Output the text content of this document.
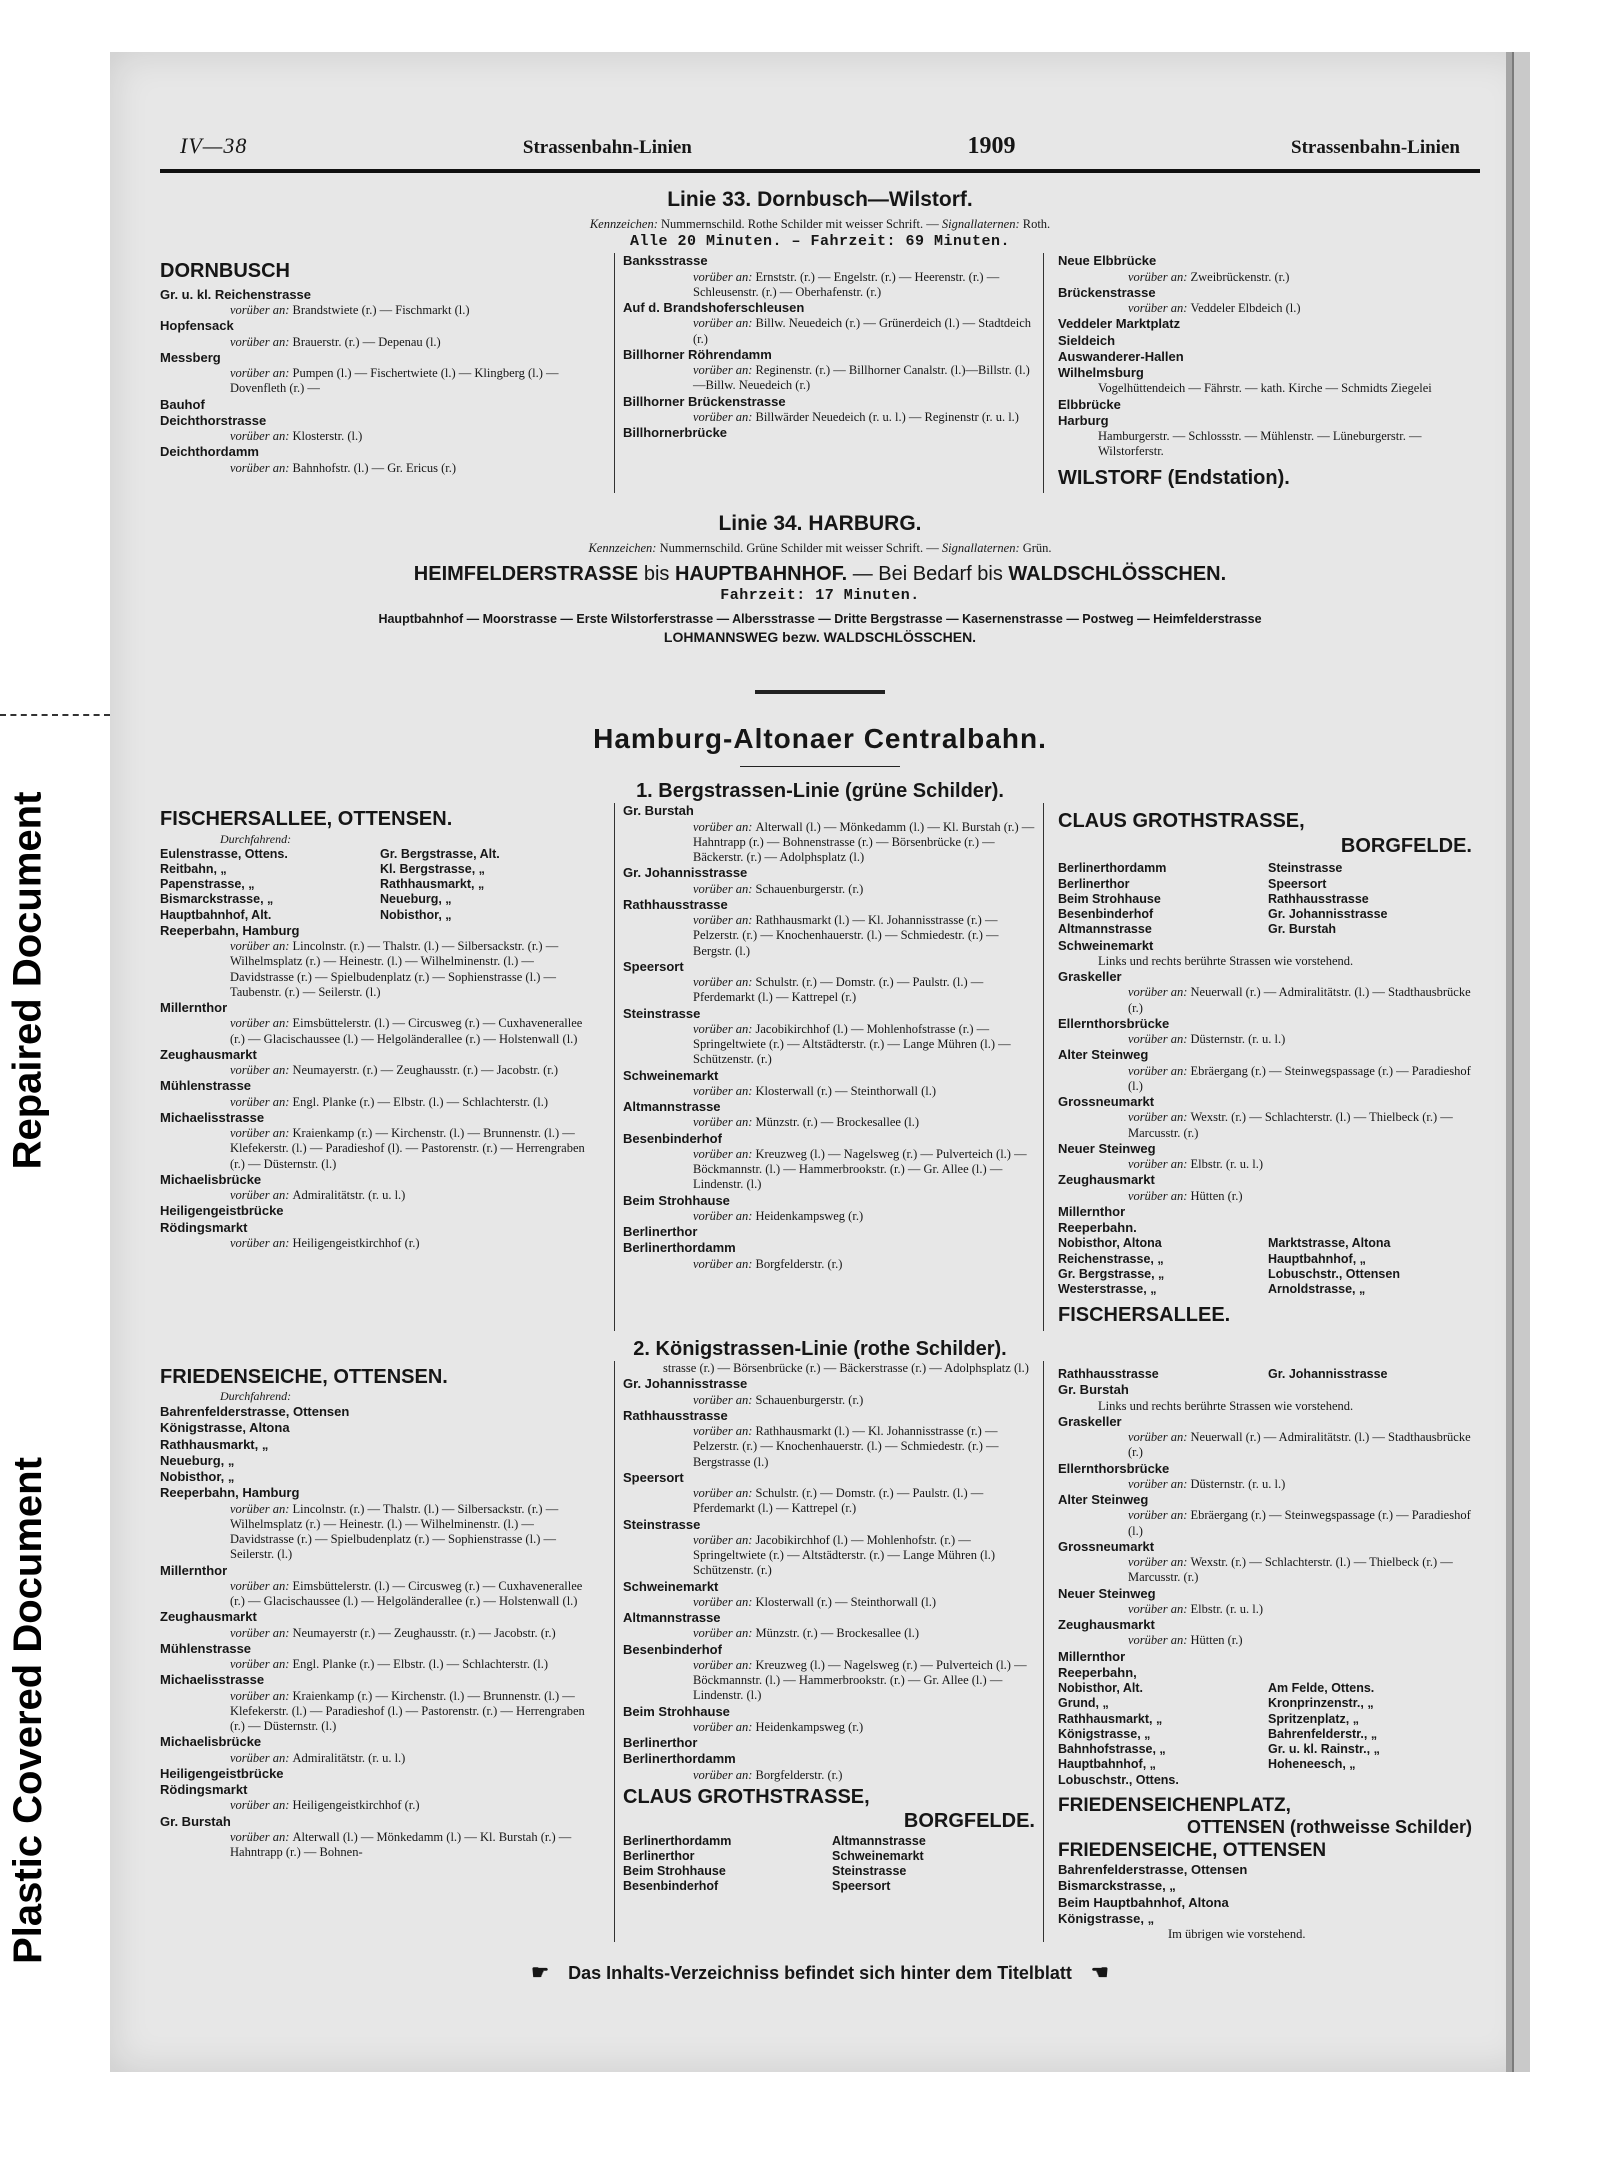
Repaired Document
Plastic Covered Document
IV—38	Strassenbahn-Linien	1909	Strassenbahn-Linien
Linie 33. Dornbusch—Wilstorf.
Kennzeichen: Nummernschild. Rothe Schilder mit weisser Schrift. — Signallaternen: Roth.
Alle 20 Minuten. – Fahrzeit: 69 Minuten.
DORNBUSCH
Gr. u. kl. Reichenstrasse
vorüber an: Brandstwiete (r.) — Fischmarkt (l.)
Hopfensack
vorüber an: Brauerstr. (r.) — Depenau (l.)
Messberg
vorüber an: Pumpen (l.) — Fischertwiete (l.) — Klingberg (l.) — Dovenfleth (r.) —
Bauhof
Deichthorstrasse
vorüber an: Klosterstr. (l.)
Deichthordamm
vorüber an: Bahnhofstr. (l.) — Gr. Ericus (r.)
Banksstrasse
vorüber an: Ernststr. (r.) — Engelstr. (r.) — Heerenstr. (r.) — Schleusenstr. (r.) — Oberhafenstr. (r.)
Auf d. Brandshoferschleusen
vorüber an: Billw. Neuedeich (r.) — Grünerdeich (l.) — Stadtdeich (r.)
Billhorner Röhrendamm
vorüber an: Reginenstr. (r.) — Billhorner Canalstr. (l.)—Billstr. (l.)—Billw. Neuedeich (r.)
Billhorner Brückenstrasse
vorüber an: Billwärder Neuedeich (r. u. l.) — Reginenstr (r. u. l.)
Billhornerbrücke
Neue Elbbrücke
vorüber an: Zweibrückenstr. (r.)
Brückenstrasse
vorüber an: Veddeler Elbdeich (l.)
Veddeler Marktplatz
Sieldeich
Auswanderer-Hallen
Wilhelmsburg
Vogelhüttendeich — Fährstr. — kath. Kirche — Schmidts Ziegelei
Elbbrücke
Harburg
Hamburgerstr. — Schlossstr. — Mühlenstr. — Lüneburgerstr. — Wilstorferstr.
WILSTORF (Endstation).
Linie 34. HARBURG.
Kennzeichen: Nummernschild. Grüne Schilder mit weisser Schrift. — Signallaternen: Grün.
HEIMFELDERSTRASSE bis HAUPTBAHNHOF. — Bei Bedarf bis WALDSCHLÖSSCHEN.
Fahrzeit: 17 Minuten.
Hauptbahnhof — Moorstrasse — Erste Wilstorferstrasse — Albersstrasse — Dritte Bergstrasse — Kasernenstrasse — Postweg — Heimfelderstrasse
LOHMANNSWEG bezw. WALDSCHLÖSSCHEN.
Hamburg-Altonaer Centralbahn.
1. Bergstrassen-Linie (grüne Schilder).
FISCHERSALLEE, OTTENSEN.
Durchfahrend:
Eulenstrasse, Ottens.	Gr. Bergstrasse, Alt.
Reitbahn, „	Kl. Bergstrasse, „
Papenstrasse, „	Rathhausmarkt, „
Bismarckstrasse, „	Neueburg, „
Hauptbahnhof, Alt.	Nobisthor, „
Reeperbahn, Hamburg
vorüber an: Lincolnstr. (r.) — Thalstr. (l.) — Silbersackstr. (r.) — Wilhelmsplatz (r.) — Heinestr. (l.) — Wilhelminenstr. (l.) — Davidstrasse (r.) — Spielbudenplatz (r.) — Sophienstrasse (l.) — Taubenstr. (r.) — Seilerstr. (l.)
Millernthor
vorüber an: Eimsbüttelerstr. (l.) — Circusweg (r.) — Cuxhavenerallee (r.) — Glacischaussee (l.) — Helgoländerallee (r.) — Holstenwall (l.)
Zeughausmarkt
vorüber an: Neumayerstr. (r.) — Zeughausstr. (r.) — Jacobstr. (r.)
Mühlenstrasse
vorüber an: Engl. Planke (r.) — Elbstr. (l.) — Schlachterstr. (l.)
Michaelisstrasse
vorüber an: Kraienkamp (r.) — Kirchenstr. (l.) — Brunnenstr. (l.) — Klefekerstr. (l.) — Paradieshof (l). — Pastorenstr. (r.) — Herrengraben (r.) — Düsternstr. (l.)
Michaelisbrücke
vorüber an: Admiralitätstr. (r. u. l.)
Heiligengeistbrücke
Rödingsmarkt
vorüber an: Heiligengeistkirchhof (r.)
Gr. Burstah
vorüber an: Alterwall (l.) — Mönkedamm (l.) — Kl. Burstah (r.) — Hahntrapp (r.) — Bohnenstrasse (r.) — Börsenbrücke (r.) — Bäckerstr. (r.) — Adolphsplatz (l.)
Gr. Johannisstrasse
vorüber an: Schauenburgerstr. (r.)
Rathhausstrasse
vorüber an: Rathhausmarkt (l.) — Kl. Johannisstrasse (r.) — Pelzerstr. (r.) — Knochenhauerstr. (l.) — Schmiedestr. (r.) — Bergstr. (l.)
Speersort
vorüber an: Schulstr. (r.) — Domstr. (r.) — Paulstr. (l.) — Pferdemarkt (l.) — Kattrepel (r.)
Steinstrasse
vorüber an: Jacobikirchhof (l.) — Mohlenhofstrasse (r.) — Springeltwiete (r.) — Altstädterstr. (r.) — Lange Mühren (l.) — Schützenstr. (r.)
Schweinemarkt
vorüber an: Klosterwall (r.) — Steinthorwall (l.)
Altmannstrasse
vorüber an: Münzstr. (r.) — Brockesallee (l.)
Besenbinderhof
vorüber an: Kreuzweg (l.) — Nagelsweg (r.) — Pulverteich (l.) — Böckmannstr. (l.) — Hammerbrookstr. (r.) — Gr. Allee (l.) — Lindenstr. (l.)
Beim Strohhause
vorüber an: Heidenkampsweg (r.)
Berlinerthor
Berlinerthordamm
vorüber an: Borgfelderstr. (r.)
CLAUS GROTHSTRASSE,
BORGFELDE.
Berlinerthordamm	Steinstrasse
Berlinerthor	Speersort
Beim Strohhause	Rathhausstrasse
Besenbinderhof	Gr. Johannisstrasse
Altmannstrasse	Gr. Burstah
Schweinemarkt
Links und rechts berührte Strassen wie vorstehend.
Graskeller
vorüber an: Neuerwall (r.) — Admiralitätstr. (l.) — Stadthausbrücke (r.)
Ellernthorsbrücke
vorüber an: Düsternstr. (r. u. l.)
Alter Steinweg
vorüber an: Ebräergang (r.) — Steinwegspassage (r.) — Paradieshof (l.)
Grossneumarkt
vorüber an: Wexstr. (r.) — Schlachterstr. (l.) — Thielbeck (r.) — Marcusstr. (r.)
Neuer Steinweg
vorüber an: Elbstr. (r. u. l.)
Zeughausmarkt
vorüber an: Hütten (r.)
Millernthor
Reeperbahn.
Nobisthor, Altona	Marktstrasse, Altona
Reichenstrasse, „	Hauptbahnhof, „
Gr. Bergstrasse, „	Lobuschstr., Ottensen
Westerstrasse, „	Arnoldstrasse, „
FISCHERSALLEE.
2. Königstrassen-Linie (rothe Schilder).
FRIEDENSEICHE, OTTENSEN.
Durchfahrend:
Bahrenfelderstrasse, Ottensen
Königstrasse, Altona
Rathhausmarkt, „
Neueburg, „
Nobisthor, „
Reeperbahn, Hamburg
vorüber an: Lincolnstr. (r.) — Thalstr. (l.) — Silbersackstr. (r.) — Wilhelmsplatz (r.) — Heinestr. (l.) — Wilhelminenstr. (l.) — Davidstrasse (r.) — Spielbudenplatz (r.) — Sophienstrasse (l.) — Seilerstr. (l.)
Millernthor
vorüber an: Eimsbüttelerstr. (l.) — Circusweg (r.) — Cuxhavenerallee (r.) — Glacischaussee (l.) — Helgoländerallee (r.) — Holstenwall (l.)
Zeughausmarkt
vorüber an: Neumayerstr (r.) — Zeughausstr. (r.) — Jacobstr. (r.)
Mühlenstrasse
vorüber an: Engl. Planke (r.) — Elbstr. (l.) — Schlachterstr. (l.)
Michaelisstrasse
vorüber an: Kraienkamp (r.) — Kirchenstr. (l.) — Brunnenstr. (l.) — Klefekerstr. (l.) — Paradieshof (l.) — Pastorenstr. (r.) — Herrengraben (r.) — Düsternstr. (l.)
Michaelisbrücke
vorüber an: Admiralitätstr. (r. u. l.)
Heiligengeistbrücke
Rödingsmarkt
vorüber an: Heiligengeistkirchhof (r.)
Gr. Burstah
vorüber an: Alterwall (l.) — Mönkedamm (l.) — Kl. Burstah (r.) — Hahntrapp (r.) — Bohnen-
strasse (r.) — Börsenbrücke (r.) — Bäckerstrasse (r.) — Adolphsplatz (l.)
Gr. Johannisstrasse
vorüber an: Schauenburgerstr. (r.)
Rathhausstrasse
vorüber an: Rathhausmarkt (l.) — Kl. Johannisstrasse (r.) — Pelzerstr. (r.) — Knochenhauerstr. (l.) — Schmiedestr. (r.) — Bergstrasse (l.)
Speersort
vorüber an: Schulstr. (r.) — Domstr. (r.) — Paulstr. (l.) — Pferdemarkt (l.) — Kattrepel (r.)
Steinstrasse
vorüber an: Jacobikirchhof (l.) — Mohlenhofstr. (r.) — Springeltwiete (r.) — Altstädterstr. (r.) — Lange Mühren (l.) Schützenstr. (r.)
Schweinemarkt
vorüber an: Klosterwall (r.) — Steinthorwall (l.)
Altmannstrasse
vorüber an: Münzstr. (r.) — Brockesallee (l.)
Besenbinderhof
vorüber an: Kreuzweg (l.) — Nagelsweg (r.) — Pulverteich (l.) — Böckmannstr. (l.) — Hammerbrookstr. (r.) — Gr. Allee (l.) — Lindenstr. (l.)
Beim Strohhause
vorüber an: Heidenkampsweg (r.)
Berlinerthor
Berlinerthordamm
vorüber an: Borgfelderstr. (r.)
CLAUS GROTHSTRASSE,
BORGFELDE.
Berlinerthordamm	Altmannstrasse
Berlinerthor	Schweinemarkt
Beim Strohhause	Steinstrasse
Besenbinderhof	Speersort
Rathhausstrasse	Gr. Johannisstrasse
Gr. Burstah
Links und rechts berührte Strassen wie vorstehend.
Graskeller
vorüber an: Neuerwall (r.) — Admiralitätstr. (l.) — Stadthausbrücke (r.)
Ellernthorsbrücke
vorüber an: Düsternstr. (r. u. l.)
Alter Steinweg
vorüber an: Ebräergang (r.) — Steinwegspassage (r.) — Paradieshof (l.)
Grossneumarkt
vorüber an: Wexstr. (r.) — Schlachterstr. (l.) — Thielbeck (r.) — Marcusstr. (r.)
Neuer Steinweg
vorüber an: Elbstr. (r. u. l.)
Zeughausmarkt
vorüber an: Hütten (r.)
Millernthor
Reeperbahn,
Nobisthor, Alt.	Am Felde, Ottens.
Grund, „	Kronprinzenstr., „
Rathhausmarkt, „	Spritzenplatz, „
Königstrasse, „	Bahrenfelderstr., „
Bahnhofstrasse, „	Gr. u. kl. Rainstr., „
Hauptbahnhof, „	Hoheneesch, „
Lobuschstr., Ottens.
FRIEDENSEICHENPLATZ,
OTTENSEN (rothweisse Schilder)
FRIEDENSEICHE, OTTENSEN
Bahrenfelderstrasse, Ottensen
Bismarckstrasse, „
Beim Hauptbahnhof, Altona
Königstrasse, „
Im übrigen wie vorstehend.
☛ Das Inhalts-Verzeichniss befindet sich hinter dem Titelblatt ☚
